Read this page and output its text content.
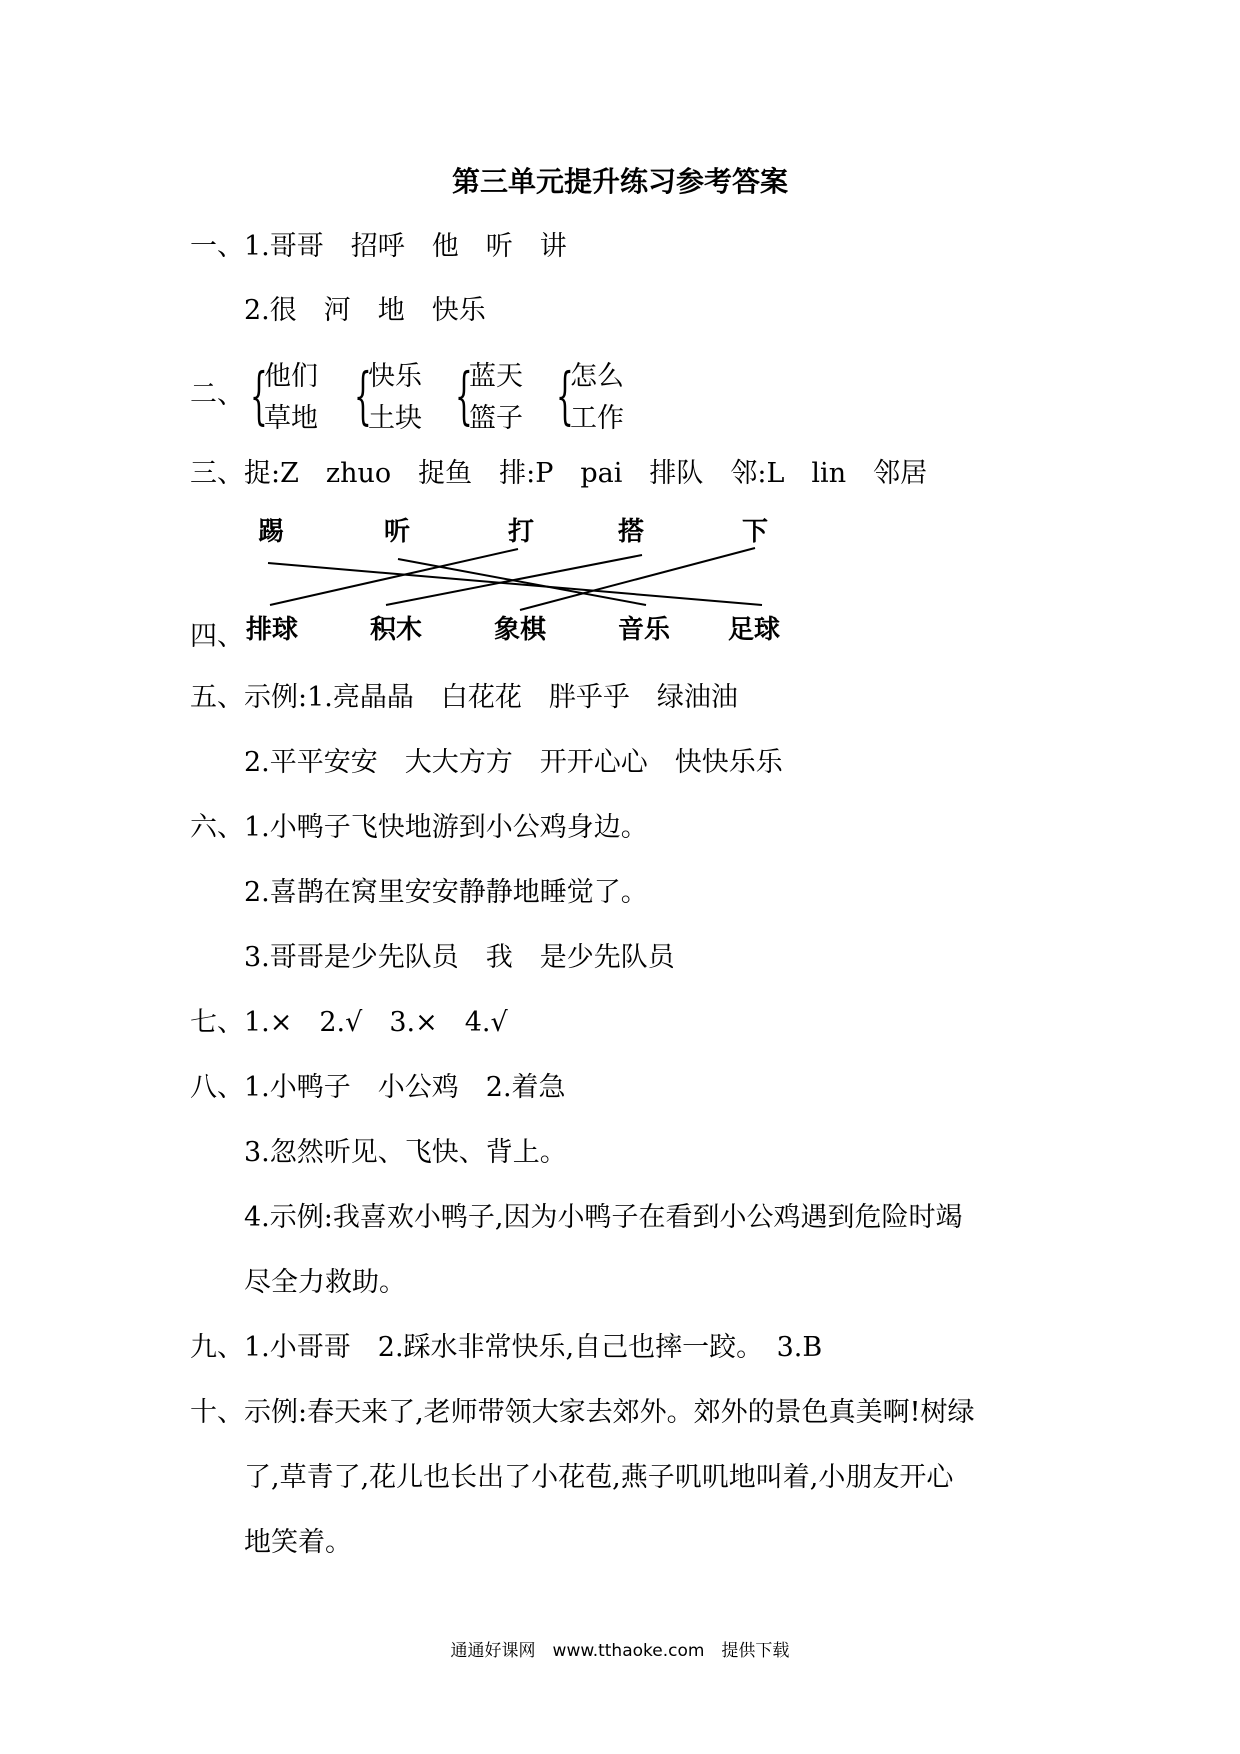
第三单元提升练习参考答案
一、1.哥哥　招呼　他　听　讲
2.很　河　地　快乐
二、 {
他们
草地 {
快乐
土块 {
蓝天
篮子 {
怎么
工作
三、捉:Z　zhuo　捉鱼　排:P　pai　排队　邻:L　lin　邻居
踢	听	打	搭	下
四、 排球	积木	象棋	音乐 足球
五、示例:1.亮晶晶　白花花　胖乎乎　绿油油
2.平平安安　大大方方　开开心心　快快乐乐
六、1.小鸭子飞快地游到小公鸡身边。
2.喜鹊在窝里安安静静地睡觉了。
3.哥哥是少先队员　我　是少先队员
七、1.×　2.√　3.×　4.√
八、1.小鸭子　小公鸡　2.着急
3.忽然听见、飞快、背上。
4.示例:我喜欢小鸭子,因为小鸭子在看到小公鸡遇到危险时竭
尽全力救助。
九、1.小哥哥　2.踩水非常快乐,自己也摔一跤。　3.B
十、示例:春天来了,老师带领大家去郊外。郊外的景色真美啊!树绿
了,草青了,花儿也长出了小花苞,燕子叽叽地叫着,小朋友开心
地笑着。
通通好课网　www.tthaoke.com　提供下载
